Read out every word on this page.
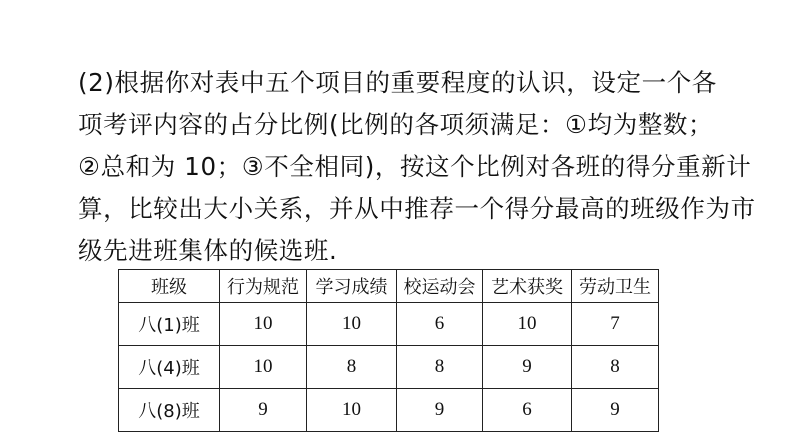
(2)根据你对表中五个项目的重要程度的认识，设定一个各
项考评内容的占分比例(比例的各项须满足：①均为整数；
②总和为 10；③不全相同)，按这个比例对各班的得分重新计
算，比较出大小关系，并从中推荐一个得分最高的班级作为市
级先进班集体的候选班.
班级	行为规范	学习成绩	校运动会	艺术获奖	劳动卫生
八(1)班	10	10	6	10	7
八(4)班	10	8	8	9	8
八(8)班	9	10	9	6	9
